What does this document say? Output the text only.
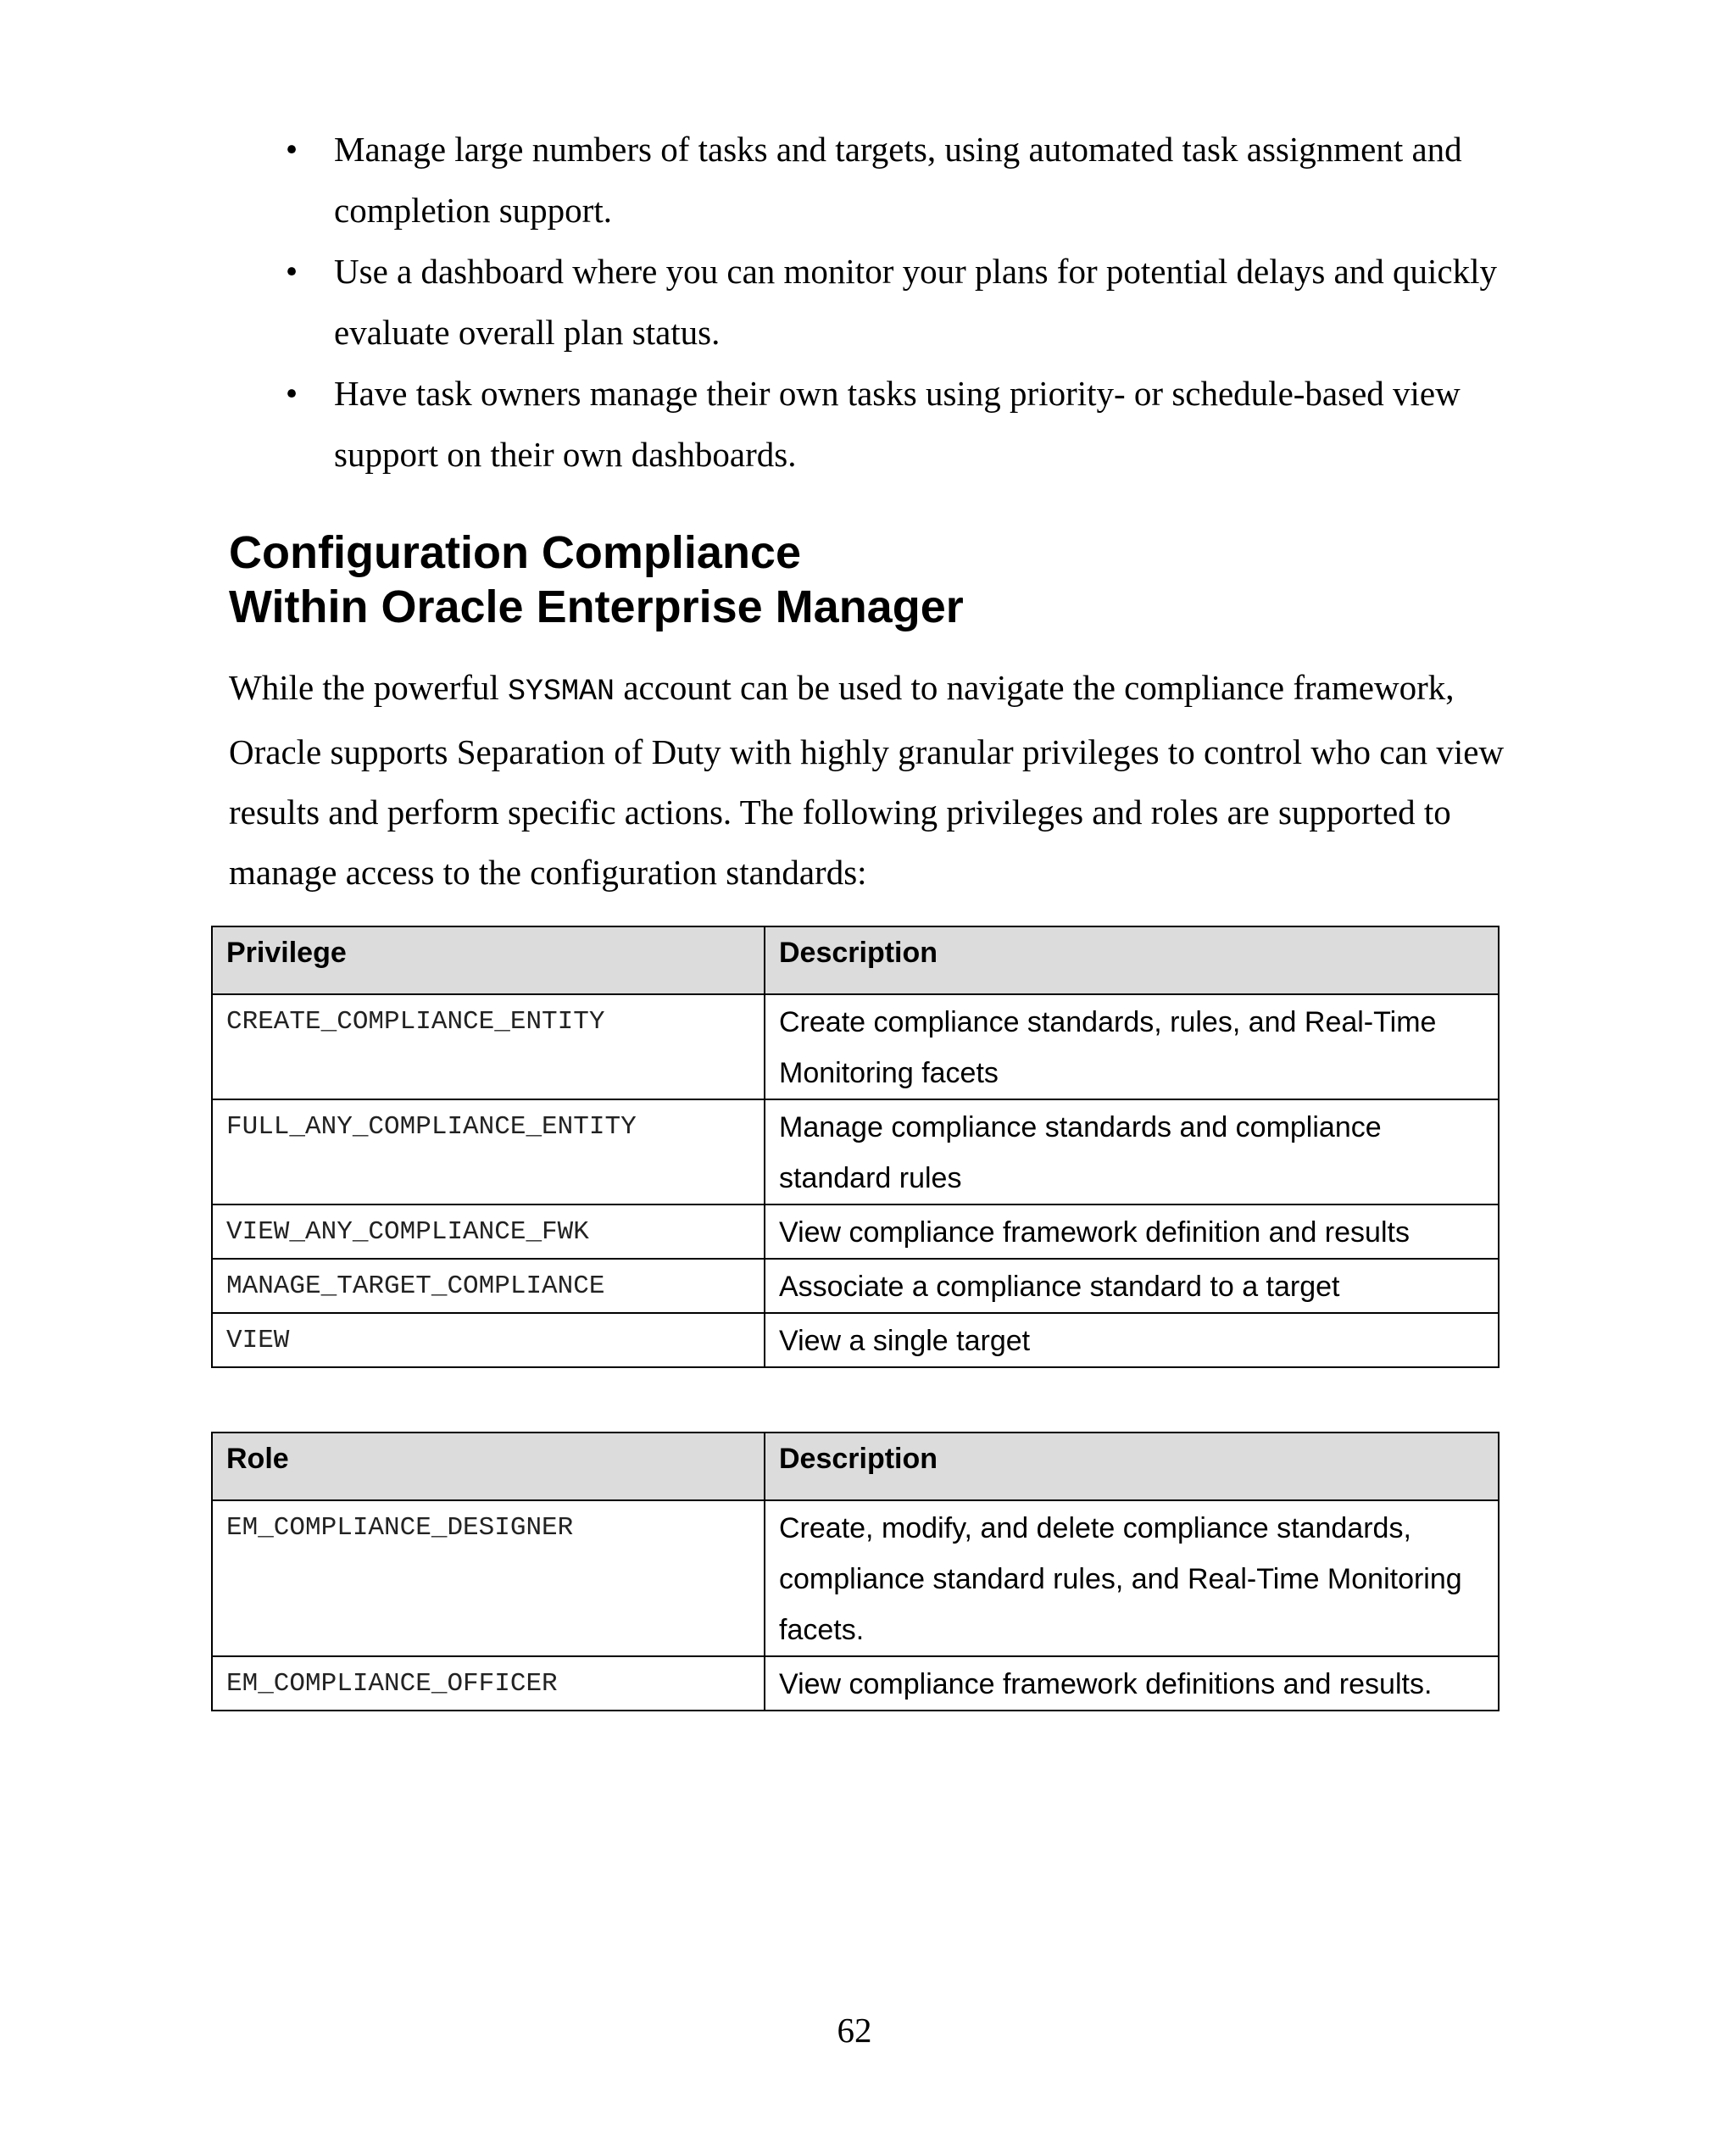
• Manage large numbers of tasks and targets, using automated task assignment and completion support.
• Use a dashboard where you can monitor your plans for potential delays and quickly evaluate overall plan status.
• Have task owners manage their own tasks using priority- or schedule-based view support on their own dashboards.
Configuration Compliance
Within Oracle Enterprise Manager

While the powerful SYSMAN account can be used to navigate the compliance framework, Oracle supports Separation of Duty with highly granular privileges to control who can view results and perform specific actions. The following privileges and roles are supported to manage access to the configuration standards:

Privilege	Description
CREATE_COMPLIANCE_ENTITY	Create compliance standards, rules, and Real-Time Monitoring facets
FULL_ANY_COMPLIANCE_ENTITY	Manage compliance standards and compliance standard rules
VIEW_ANY_COMPLIANCE_FWK	View compliance framework definition and results
MANAGE_TARGET_COMPLIANCE	Associate a compliance standard to a target
VIEW	View a single target
Role	Description
EM_COMPLIANCE_DESIGNER	Create, modify, and delete compliance standards, compliance standard rules, and Real-Time Monitoring facets.
EM_COMPLIANCE_OFFICER	View compliance framework definitions and results.
62
